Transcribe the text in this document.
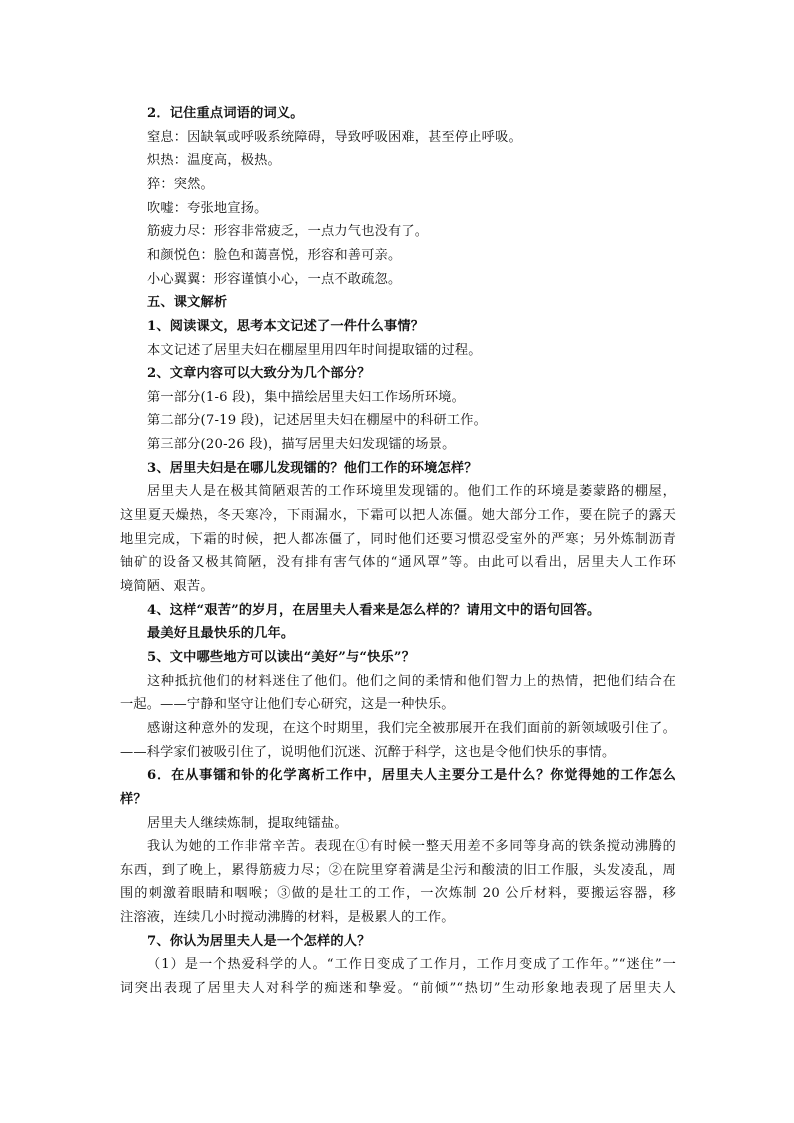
2．记住重点词语的词义。
窒息：因缺氧或呼吸系统障碍，导致呼吸困难，甚至停止呼吸。
炽热：温度高，极热。
猝：突然。
吹嘘：夸张地宣扬。
筋疲力尽：形容非常疲乏，一点力气也没有了。
和颜悦色：脸色和蔼喜悦，形容和善可亲。
小心翼翼：形容谨慎小心，一点不敢疏忽。
五、课文解析
1、阅读课文，思考本文记述了一件什么事情？
本文记述了居里夫妇在棚屋里用四年时间提取镭的过程。
2、文章内容可以大致分为几个部分？
第一部分(1-6 段)，集中描绘居里夫妇工作场所环境。
第二部分(7-19 段)，记述居里夫妇在棚屋中的科研工作。
第三部分(20-26 段)，描写居里夫妇发现镭的场景。
3、居里夫妇是在哪儿发现镭的？他们工作的环境怎样？
居里夫人是在极其简陋艰苦的工作环境里发现镭的。他们工作的环境是萎蒙路的棚屋，
这里夏天燥热，冬天寒冷，下雨漏水，下霜可以把人冻僵。她大部分工作，要在院子的露天
地里完成，下霜的时候，把人都冻僵了，同时他们还要习惯忍受室外的严寒；另外炼制沥青
铀矿的设备又极其简陋，没有排有害气体的“通风罩”等。由此可以看出，居里夫人工作环
境简陋、艰苦。
4、这样“艰苦”的岁月，在居里夫人看来是怎么样的？请用文中的语句回答。
最美好且最快乐的几年。
5、文中哪些地方可以读出“美好”与“快乐”？
这种抵抗他们的材料迷住了他们。他们之间的柔情和他们智力上的热情，把他们结合在
一起。——宁静和坚守让他们专心研究，这是一种快乐。
感谢这种意外的发现，在这个时期里，我们完全被那展开在我们面前的新领域吸引住了。
——科学家们被吸引住了，说明他们沉迷、沉醉于科学，这也是令他们快乐的事情。
6．在从事镭和钋的化学离析工作中，居里夫人主要分工是什么？你觉得她的工作怎么
样？
居里夫人继续炼制，提取纯镭盐。
我认为她的工作非常辛苦。表现在①有时候一整天用差不多同等身高的铁条搅动沸腾的
东西，到了晚上，累得筋疲力尽；②在院里穿着满是尘污和酸渍的旧工作服，头发凌乱，周
围的刺激着眼睛和咽喉；③做的是壮工的工作，一次炼制 20 公斤材料，要搬运容器，移
注溶液，连续几小时搅动沸腾的材料，是极累人的工作。
7、你认为居里夫人是一个怎样的人？
（1）是一个热爱科学的人。“工作日变成了工作月，工作月变成了工作年。”“迷住”一
词突出表现了居里夫人对科学的痴迷和挚爱。“前倾”“热切”生动形象地表现了居里夫人
